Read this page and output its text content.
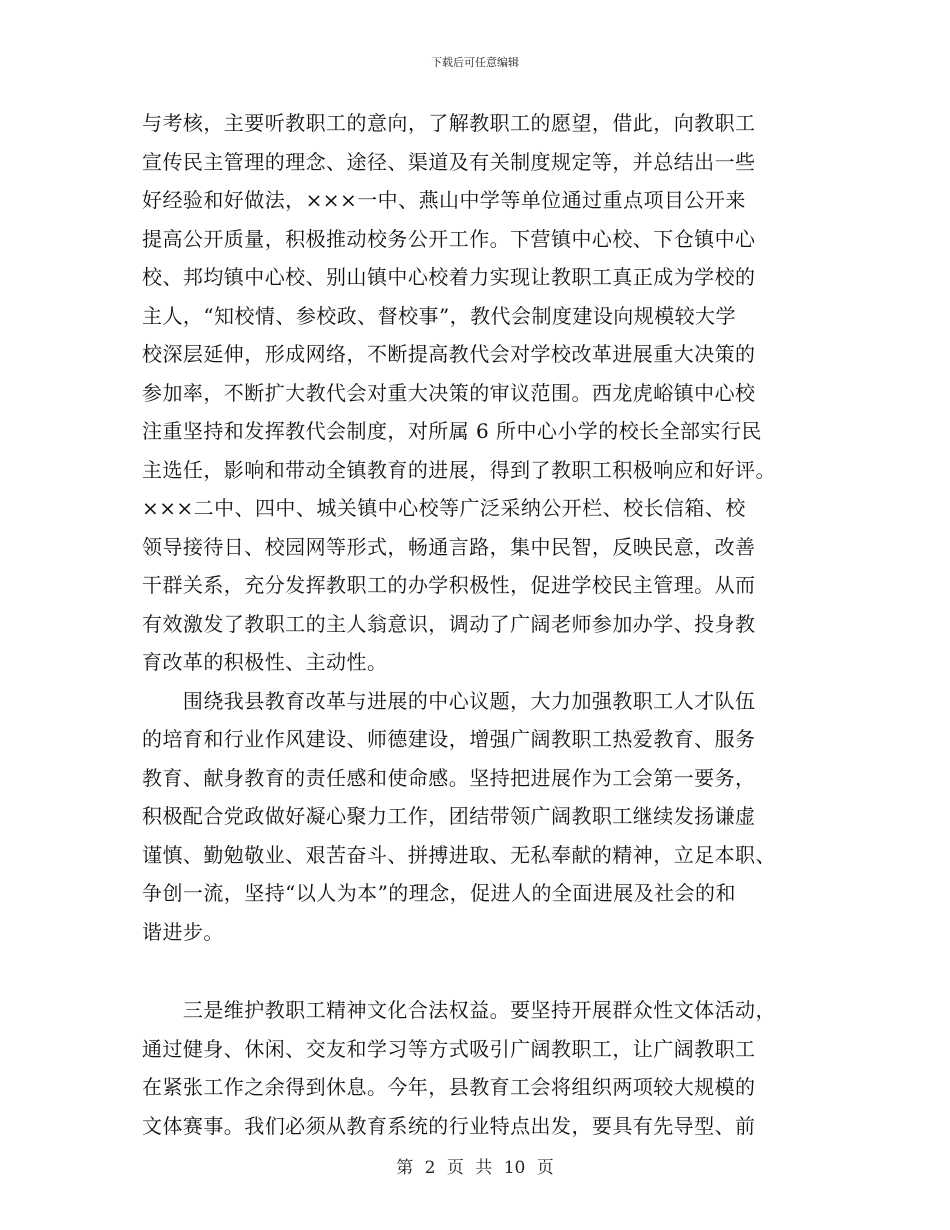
下载后可任意编辑
与考核，主要听教职工的意向，了解教职工的愿望，借此，向教职工
宣传民主管理的理念、途径、渠道及有关制度规定等，并总结出一些
好经验和好做法，×××一中、燕山中学等单位通过重点项目公开来
提高公开质量，积极推动校务公开工作。下营镇中心校、下仓镇中心
校、邦均镇中心校、别山镇中心校着力实现让教职工真正成为学校的
主人，“知校情、参校政、督校事”，教代会制度建设向规模较大学
校深层延伸，形成网络，不断提高教代会对学校改革进展重大决策的
参加率，不断扩大教代会对重大决策的审议范围。西龙虎峪镇中心校
注重坚持和发挥教代会制度，对所属 6 所中心小学的校长全部实行民
主选任，影响和带动全镇教育的进展，得到了教职工积极响应和好评。
×××二中、四中、城关镇中心校等广泛采纳公开栏、校长信箱、校
领导接待日、校园网等形式，畅通言路，集中民智，反映民意，改善
干群关系，充分发挥教职工的办学积极性，促进学校民主管理。从而
有效激发了教职工的主人翁意识，调动了广阔老师参加办学、投身教
育改革的积极性、主动性。
　　围绕我县教育改革与进展的中心议题，大力加强教职工人才队伍
的培育和行业作风建设、师德建设，增强广阔教职工热爱教育、服务
教育、献身教育的责任感和使命感。坚持把进展作为工会第一要务，
积极配合党政做好凝心聚力工作，团结带领广阔教职工继续发扬谦虚
谨慎、勤勉敬业、艰苦奋斗、拼搏进取、无私奉献的精神，立足本职、
争创一流，坚持“以人为本”的理念，促进人的全面进展及社会的和
谐进步。
　　三是维护教职工精神文化合法权益。要坚持开展群众性文体活动，
通过健身、休闲、交友和学习等方式吸引广阔教职工，让广阔教职工
在紧张工作之余得到休息。今年，县教育工会将组织两项较大规模的
文体赛事。我们必须从教育系统的行业特点出发，要具有先导型、前
第 2 页 共 10 页
